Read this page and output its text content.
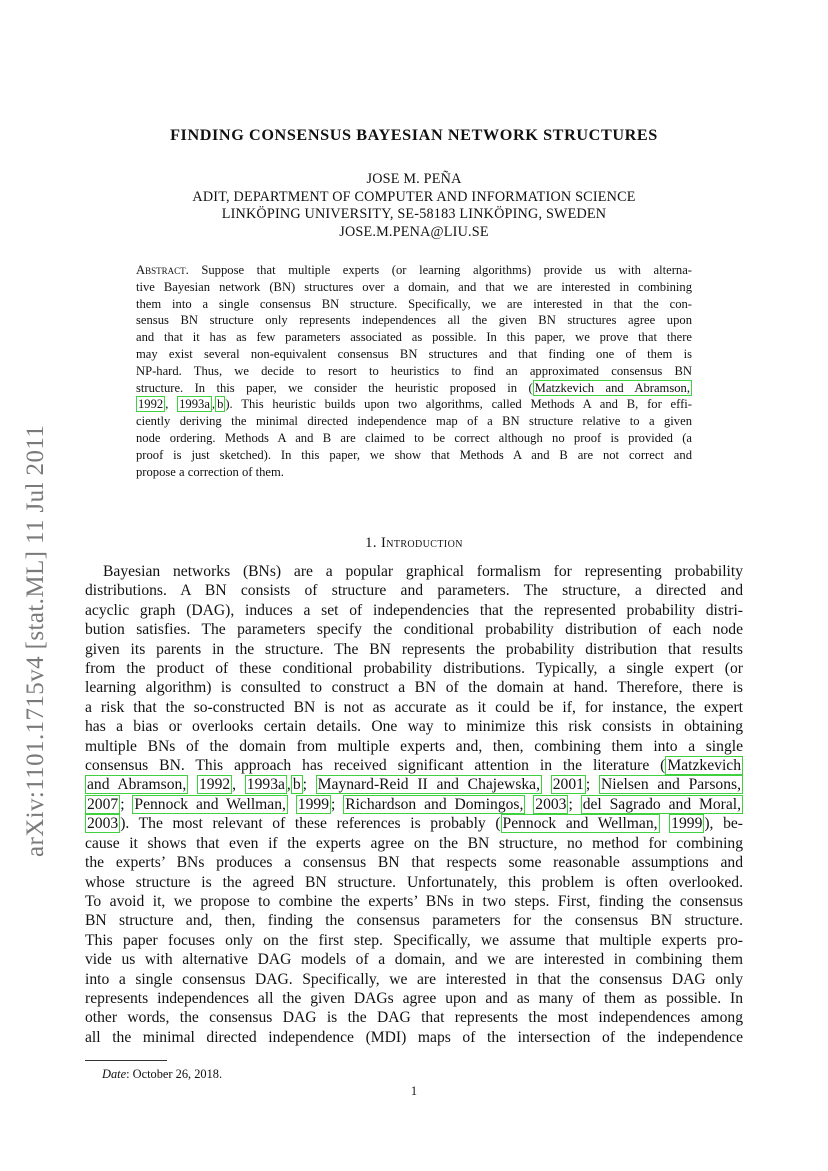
FINDING CONSENSUS BAYESIAN NETWORK STRUCTURES
JOSE M. PEÑA
ADIT, DEPARTMENT OF COMPUTER AND INFORMATION SCIENCE
LINKÖPING UNIVERSITY, SE-58183 LINKÖPING, SWEDEN
JOSE.M.PENA@LIU.SE
Abstract. Suppose that multiple experts (or learning algorithms) provide us with alterna-
tive Bayesian network (BN) structures over a domain, and that we are interested in combining
them into a single consensus BN structure. Specifically, we are interested in that the con-
sensus BN structure only represents independences all the given BN structures agree upon
and that it has as few parameters associated as possible. In this paper, we prove that there
may exist several non-equivalent consensus BN structures and that finding one of them is
NP-hard. Thus, we decide to resort to heuristics to find an approximated consensus BN
structure. In this paper, we consider the heuristic proposed in ( Matzkevich and Abramson,
1992 , 1993a , b ). This heuristic builds upon two algorithms, called Methods A and B, for effi-
ciently deriving the minimal directed independence map of a BN structure relative to a given
node ordering. Methods A and B are claimed to be correct although no proof is provided (a
proof is just sketched). In this paper, we show that Methods A and B are not correct and
propose a correction of them.
arXiv:1101.1715v4 [stat.ML] 11 Jul 2011	1. Introduction
Bayesian networks (BNs) are a popular graphical formalism for representing probability
distributions. A BN consists of structure and parameters. The structure, a directed and
acyclic graph (DAG), induces a set of independencies that the represented probability distri-
bution satisfies. The parameters specify the conditional probability distribution of each node
given its parents in the structure. The BN represents the probability distribution that results
from the product of these conditional probability distributions. Typically, a single expert (or
learning algorithm) is consulted to construct a BN of the domain at hand. Therefore, there is
a risk that the so-constructed BN is not as accurate as it could be if, for instance, the expert
has a bias or overlooks certain details. One way to minimize this risk consists in obtaining
multiple BNs of the domain from multiple experts and, then, combining them into a single
consensus BN. This approach has received significant attention in the literature ( Matzkevich
and Abramson, 1992 , 1993a , b ; Maynard-Reid II and Chajewska, 2001 ; Nielsen and Parsons,
2007 ; Pennock and Wellman, 1999 ; Richardson and Domingos, 2003 ; del Sagrado and Moral,
2003 ). The most relevant of these references is probably ( Pennock and Wellman, 1999 ), be-
cause it shows that even if the experts agree on the BN structure, no method for combining
the experts’ BNs produces a consensus BN that respects some reasonable assumptions and
whose structure is the agreed BN structure. Unfortunately, this problem is often overlooked.
To avoid it, we propose to combine the experts’ BNs in two steps. First, finding the consensus
BN structure and, then, finding the consensus parameters for the consensus BN structure.
This paper focuses only on the first step. Specifically, we assume that multiple experts pro-
vide us with alternative DAG models of a domain, and we are interested in combining them
into a single consensus DAG. Specifically, we are interested in that the consensus DAG only
represents independences all the given DAGs agree upon and as many of them as possible. In
other words, the consensus DAG is the DAG that represents the most independences among
all the minimal directed independence (MDI) maps of the intersection of the independence
Date: October 26, 2018.
1
